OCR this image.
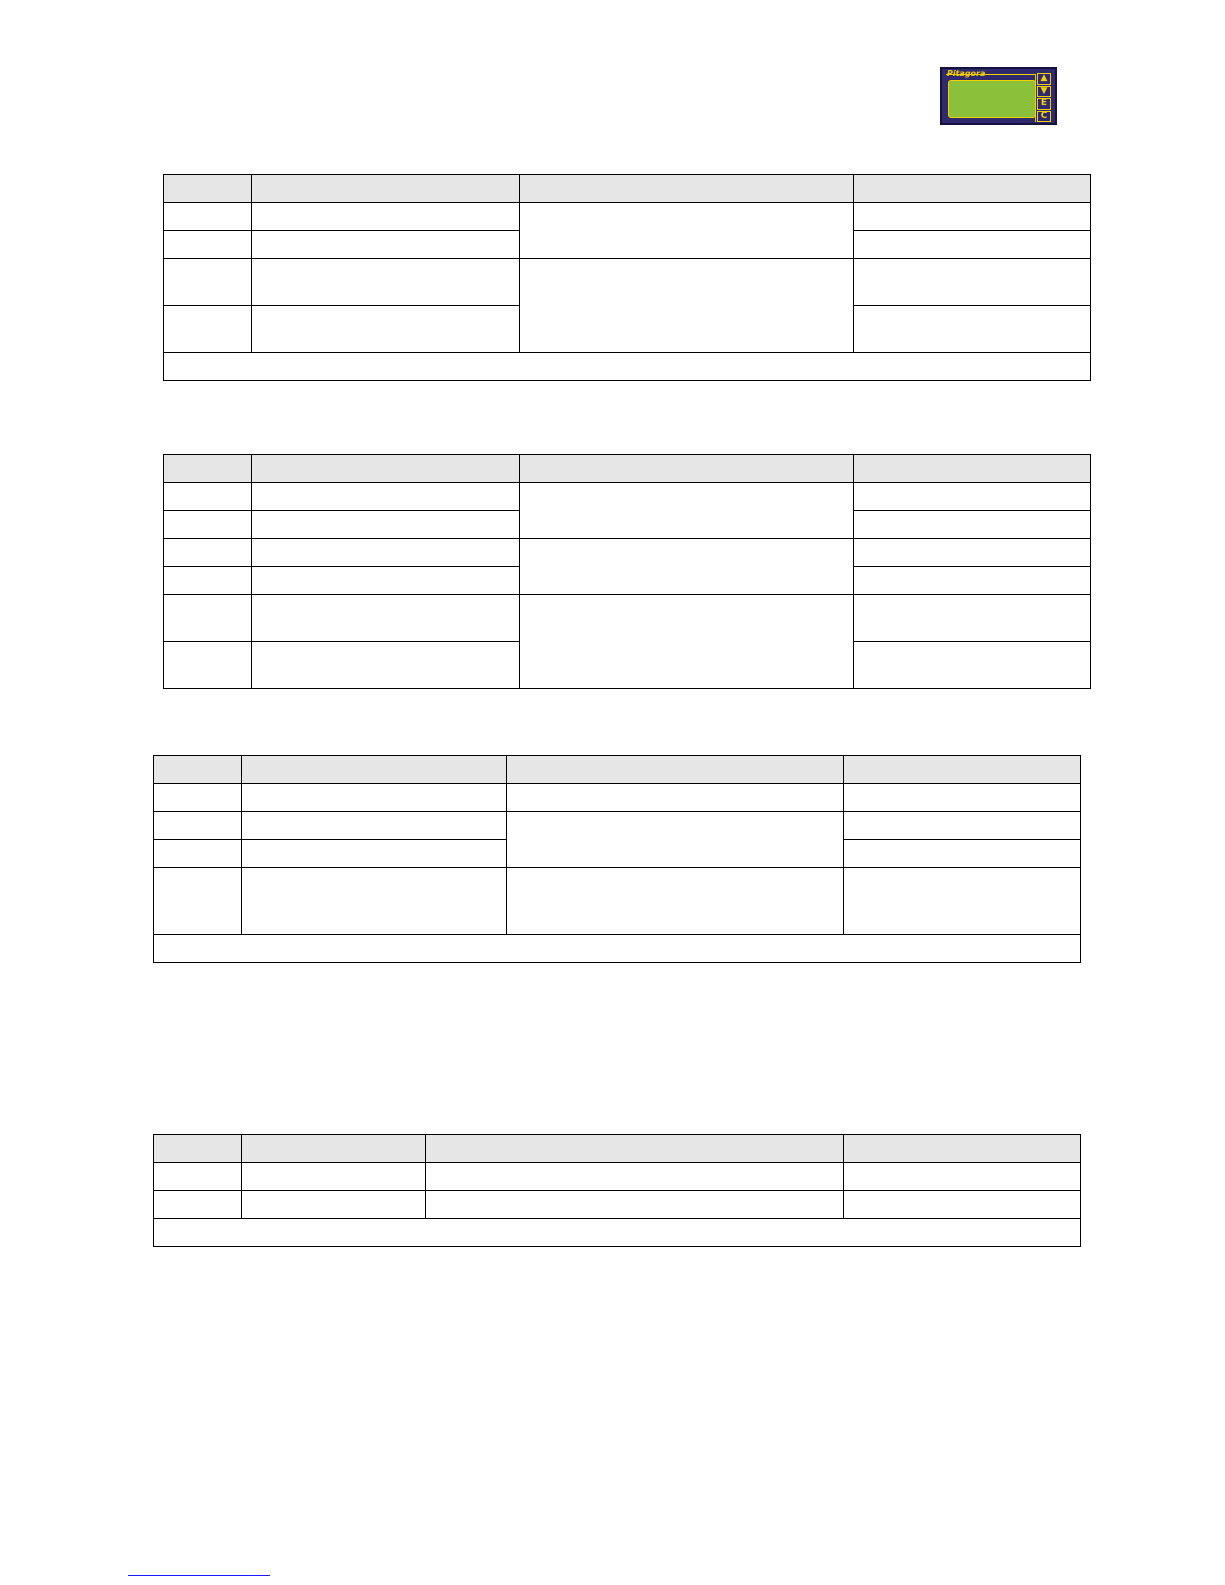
Pitagora	▲
▼
E
C
